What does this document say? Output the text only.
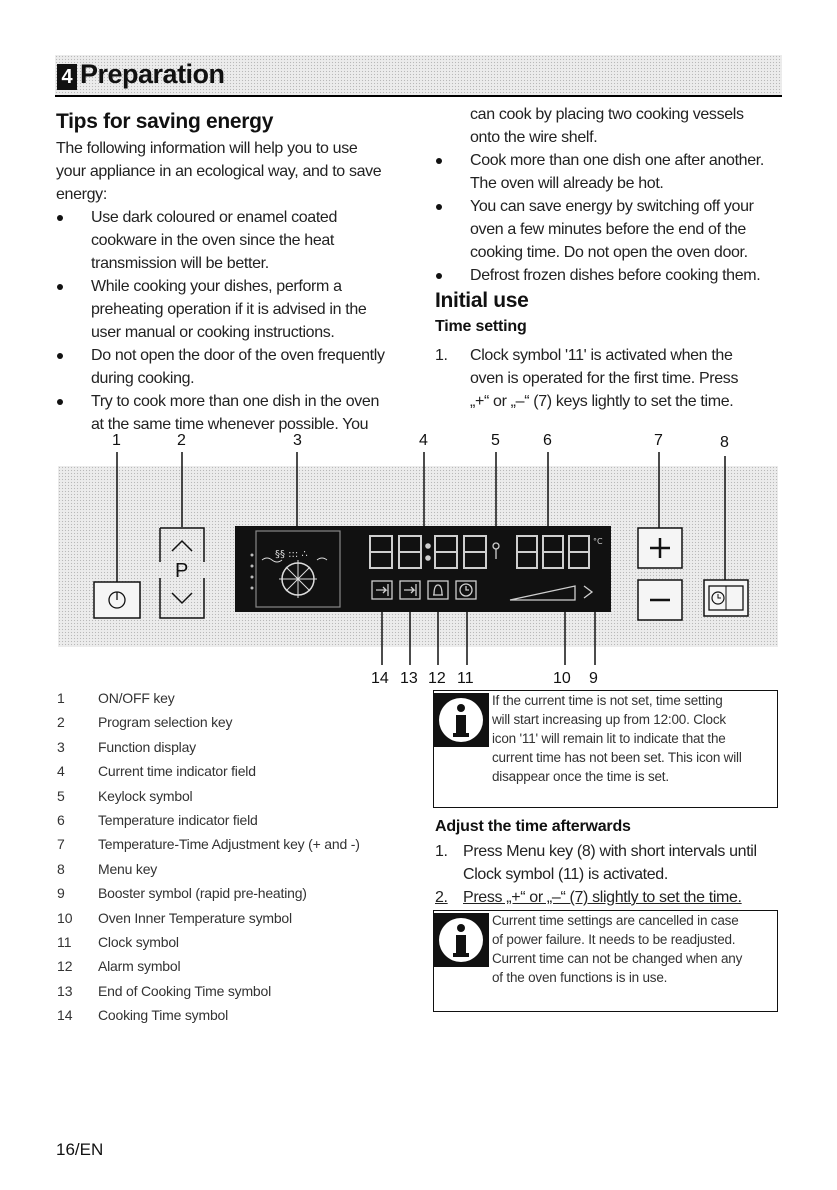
4 Preparation
Tips for saving energy
The following information will help you to use
your appliance in an ecological way, and to save
energy:
Use dark coloured or enamel coated
cookware in the oven since the heat
transmission will be better.
While cooking your dishes, perform a
preheating operation if it is advised in the
user manual or cooking instructions.
Do not open the door of the oven frequently
during cooking.
Try to cook more than one dish in the oven
at the same time whenever possible. You
can cook by placing two cooking vessels
onto the wire shelf.
Cook more than one dish one after another.
The oven will already be hot.
You can save energy by switching off your
oven a few minutes before the end of the
cooking time. Do not open the oven door.
Defrost frozen dishes before cooking them.
Initial use
Time setting
1. Clock symbol '11' is activated when the
oven is operated for the first time. Press
„+“ or „–“ (7) keys lightly to set the time.
1	2	3	4	5	6	7	8
§§ ::: ∴
°C
P
14 13 12 11	10 9
1 ON/OFF key
2 Program selection key
3 Function display
4 Current time indicator field
5 Keylock symbol
6 Temperature indicator field
7 Temperature-Time Adjustment key (+ and -)
8 Menu key
9 Booster symbol (rapid pre-heating)
10 Oven Inner Temperature symbol
11 Clock symbol
12 Alarm symbol
13 End of Cooking Time symbol
14 Cooking Time symbol
If the current time is not set, time setting
will start increasing up from 12:00. Clock
icon '11' will remain lit to indicate that the
current time has not been set. This icon will
disappear once the time is set.
Adjust the time afterwards
1. Press Menu key (8) with short intervals until
Clock symbol (11) is activated.
2. Press „+“ or „–“ (7) slightly to set the time.
Current time settings are cancelled in case
of power failure. It needs to be readjusted.
Current time can not be changed when any
of the oven functions is in use.
16/EN
